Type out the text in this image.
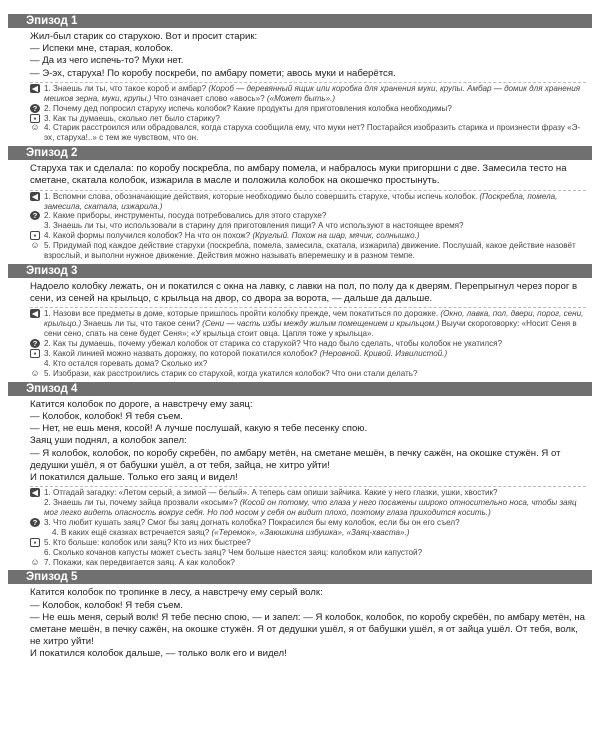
Эпизод 1

Жил-был старик со старухою. Вот и просит старик:

— Испеки мне, старая, колобок.

— Да из чего испечь-то? Муки нет.

— Э-эх, старуха! По коробу поскреби, по амбару помети; авось муки и наберётся.

◀ 1. Знаешь ли ты, что такое короб и амбар? (Короб — деревянный ящик или коробка для хранения муки, крупы. Амбар — домик для хранения мешков зерна, муки, крупы.) Что означает слово «авось»? («Может быть».)
? 2. Почему дед попросил старуху испечь колобок? Какие продукты для приготовления колобка необходимы?
▪ 3. Как ты думаешь, сколько лет было старику?
☺ 4. Старик расстроился или обрадовался, когда старуха сообщила ему, что муки нет? Постарайся изобразить старика и произнести фразу «Э-эх, старуха!..» с тем же чувством, что он.
Эпизод 2

Старуха так и сделала: по коробу поскребла, по амбару помела, и набралось муки пригоршни с две. Замесила тесто на сметане, скатала колобок, изжарила в масле и положила колобок на окошечко простынуть.

◀ 1. Вспомни слова, обозначающие действия, которые необходимо было совершить старухе, чтобы испечь колобок. (Поскребла, помела, замесила, скатала, изжарила.)
? 2. Какие приборы, инструменты, посуда потребовались для этого старухе?
3. Знаешь ли ты, что использовали в старину для приготовления пищи? А что используют в настоящее время?
▪ 4. Какой формы получился колобок? На что он похож? (Круглый. Похож на шар, мячик, солнышко.)
☺ 5. Придумай под каждое действие старухи (поскребла, помела, замесила, скатала, изжарила) движение. Послушай, какое действие назовёт взрослый, и выполни нужное движение. Действия можно называть вперемешку и в разном темпе.
Эпизод 3

Надоело колобку лежать, он и покатился с окна на лавку, с лавки на пол, по полу да к дверям. Перепрыгнул через порог в сени, из сеней на крыльцо, с крыльца на двор, со двора за ворота, — дальше да дальше.

◀ 1. Назови все предметы в доме, которые пришлось пройти колобку прежде, чем покатиться по дорожке. (Окно, лавка, пол, двери, порог, сени, крыльцо.) Знаешь ли ты, что такое сени? (Сени — часть избы между жилым помещением и крыльцом.) Выучи скороговорку: «Носит Сеня в сени сено, спать на сене будет Сеня»; «У крыльца стоит овца. Цапля тоже у крыльца».
? 2. Как ты думаешь, почему убежал колобок от старика со старухой? Что надо было сделать, чтобы колобок не укатился?
▪ 3. Какой линией можно назвать дорожку, по которой покатился колобок? (Неровной. Кривой. Извилистой.)
4. Кто остался горевать дома? Сколько их?
☺ 5. Изобрази, как расстроились старик со старухой, когда укатился колобок? Что они стали делать?
Эпизод 4

Катится колобок по дороге, а навстречу ему заяц:

— Колобок, колобок! Я тебя съем.

— Нет, не ешь меня, косой! А лучше послушай, какую я тебе песенку спою.

Заяц уши поднял, а колобок запел:

— Я колобок, колобок, по коробу скребён, по амбару метён, на сметане мешён, в печку сажён, на окошке стужён. Я от дедушки ушёл, я от бабушки ушёл, а от тебя, зайца, не хитро уйти!

И покатился дальше. Только его заяц и видел!

◀ 1. Отгадай загадку: «Летом серый, а зимой — белый». А теперь сам опиши зайчика. Какие у него глазки, ушки, хвостик?
2. Знаешь ли ты, почему зайца прозвали «косым»? (Косой он потому, что глаза у него посажены широко относительно носа, чтобы заяц мог легко видеть опасность вокруг себя. Но под носом у себя он видит плохо, поэтому глаза приходится косить.)
? 3. Что любит кушать заяц? Смог бы заяц догнать колобка? Покрасился бы ему колобок, если бы он его съел?
4. В каких ещё сказках встречается заяц? («Теремок», «Заюшкина избушка», «Заяц-хваста».)
▪ 5. Кто больше: колобок или заяц? Кто из них быстрее?
6. Сколько кочанов капусты может съесть заяц? Чем больше наестся заяц: колобком или капустой?
☺ 7. Покажи, как передвигается заяц. А как колобок?
Эпизод 5

Катится колобок по тропинке в лесу, а навстречу ему серый волк:

— Колобок, колобок! Я тебя съем.

— Не ешь меня, серый волк! Я тебе песню спою, — и запел: — Я колобок, колобок, по коробу скребён, по амбару метён, на сметане мешён, в печку сажён, на окошке стужён. Я от дедушки ушёл, я от бабушки ушёл, я от зайца ушёл. От тебя, волк, не хитро уйти!

И покатился колобок дальше, — только волк его и видел!
